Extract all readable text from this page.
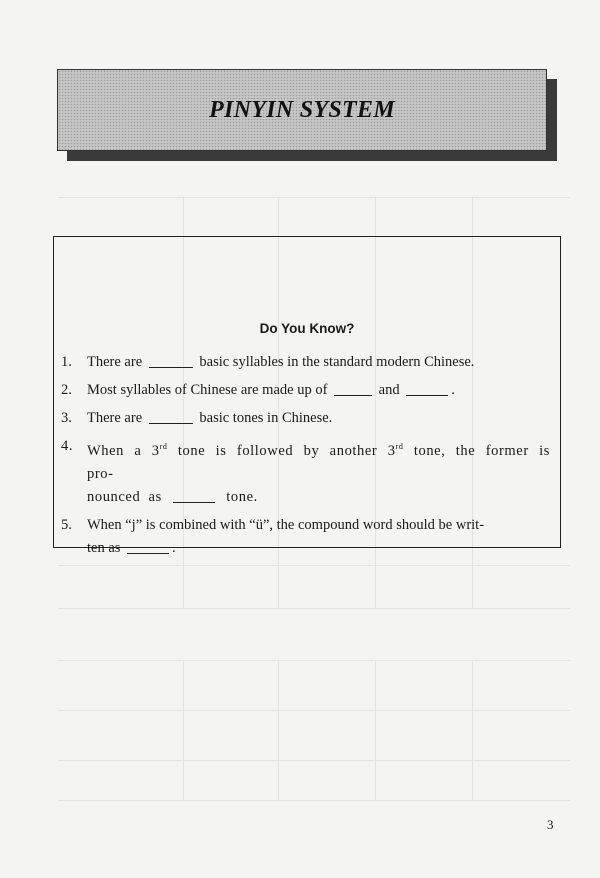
PINYIN SYSTEM
Do You Know?
1. There are	basic syllables in the standard modern Chinese.
2. Most syllables of Chinese are made up of	and	.
3. There are	basic tones in Chinese.
4. When a 3rd tone is followed by another 3rd tone, the former is pro-
nounced as	tone.
5. When “j” is combined with “ü”, the compound word should be writ-
ten as	.
3
